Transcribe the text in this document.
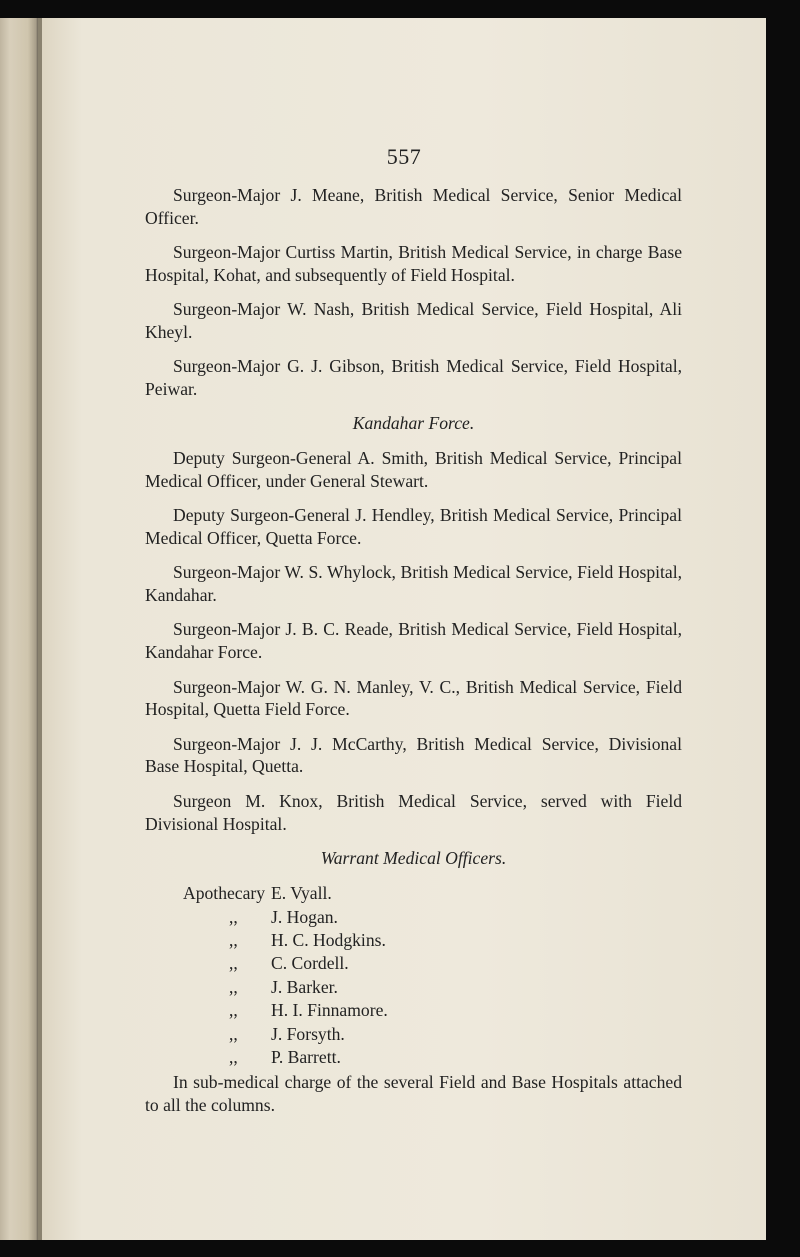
557

Surgeon-Major J. Meane, British Medical Service, Senior Medical Officer.

Surgeon-Major Curtiss Martin, British Medical Service, in charge Base Hospital, Kohat, and subsequently of Field Hospital.

Surgeon-Major W. Nash, British Medical Service, Field Hospital, Ali Kheyl.

Surgeon-Major G. J. Gibson, British Medical Service, Field Hospital, Peiwar.

Kandahar Force.

Deputy Surgeon-General A. Smith, British Medical Service, Principal Medical Officer, under General Stewart.

Deputy Surgeon-General J. Hendley, British Medical Service, Principal Medical Officer, Quetta Force.

Surgeon-Major W. S. Whylock, British Medical Service, Field Hospital, Kandahar.

Surgeon-Major J. B. C. Reade, British Medical Service, Field Hospital, Kandahar Force.

Surgeon-Major W. G. N. Manley, V. C., British Medical Service, Field Hospital, Quetta Field Force.

Surgeon-Major J. J. McCarthy, British Medical Service, Divisional Base Hospital, Quetta.

Surgeon M. Knox, British Medical Service, served with Field Divisional Hospital.

Warrant Medical Officers.

Apothecary E. Vyall.
,,	J. Hogan.
,,	H. C. Hodgkins.
,,	C. Cordell.
,,	J. Barker.
,,	H. I. Finnamore.
,,	J. Forsyth.
,,	P. Barrett.

In sub-medical charge of the several Field and Base Hospitals attached to all the columns.
